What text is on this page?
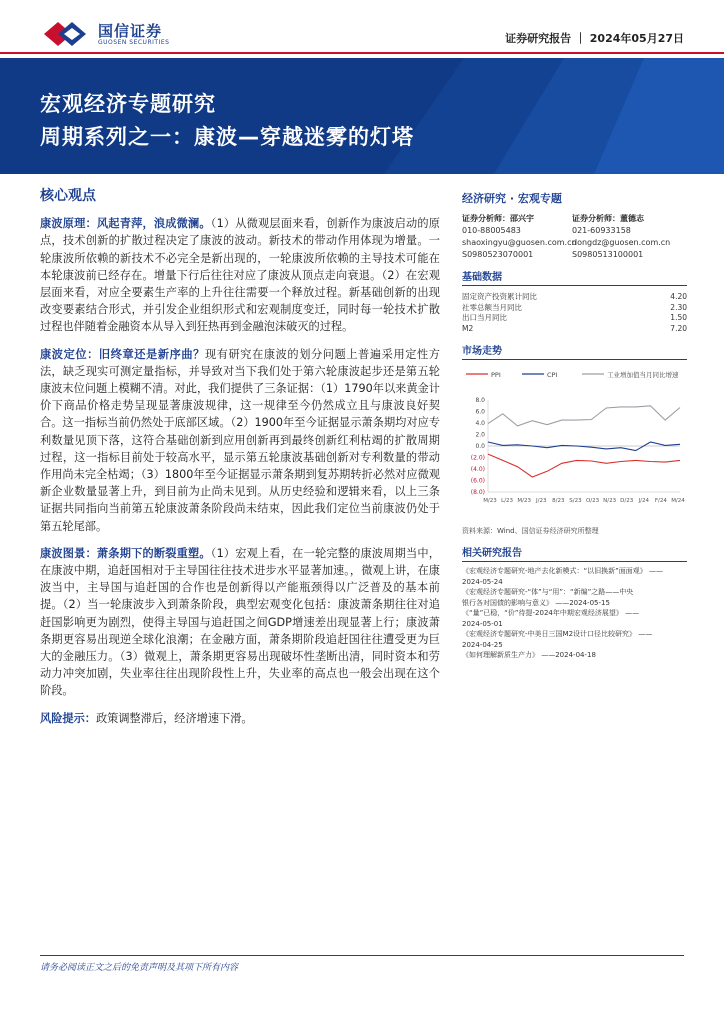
国信证券
GUOSEN SECURITIES	证券研究报告 ｜ 2024年05月27日
宏观经济专题研究
周期系列之一：康波—穿越迷雾的灯塔
核心观点

康波原理：风起青萍，浪成微澜。（1）从微观层面来看，创新作为康波启动的原点，技术创新的扩散过程决定了康波的波动。新技术的带动作用体现为增量。一轮康波所依赖的新技术不必完全是新出现的，一轮康波所依赖的主导技术可能在本轮康波前已经存在。增量下行后往往对应了康波从顶点走向衰退。（2）在宏观层面来看，对应全要素生产率的上升往往需要一个释放过程。新基础创新的出现改变要素结合形式，并引发企业组织形式和宏观制度变迁，同时每一轮技术扩散过程也伴随着金融资本从导入到狂热再到金融泡沫破灭的过程。

康波定位：旧终章还是新序曲？现有研究在康波的划分问题上普遍采用定性方法，缺乏现实可测定量指标，并导致对当下我们处于第六轮康波起步还是第五轮康波末位问题上模糊不清。对此，我们提供了三条证据：（1）1790年以来黄金计价下商品价格走势呈现显著康波规律，这一规律至今仍然成立且与康波良好契合。这一指标当前仍然处于底部区域。（2）1900年至今证据显示萧条期均对应专利数量见顶下落，这符合基础创新到应用创新再到最终创新红利枯竭的扩散周期过程，这一指标目前处于较高水平，显示第五轮康波基础创新对专利数量的带动作用尚未完全枯竭；（3）1800年至今证据显示萧条期到复苏期转折必然对应微观新企业数量显著上升，到目前为止尚未见到。从历史经验和逻辑来看，以上三条证据共同指向当前第五轮康波萧条阶段尚未结束，因此我们定位当前康波仍处于第五轮尾部。

康波图景：萧条期下的断裂重塑。（1）宏观上看，在一轮完整的康波周期当中，在康波中期，追赶国相对于主导国往往技术进步水平显著加速。，微观上讲，在康波当中，主导国与追赶国的合作也是创新得以产能瓶颈得以广泛普及的基本前提。（2）当一轮康波步入到萧条阶段，典型宏观变化包括：康波萧条期往往对追赶国影响更为剧烈，使得主导国与追赶国之间GDP增速差出现显著上行；康波萧条期更容易出现逆全球化浪潮；在金融方面，萧条期阶段追赶国往往遭受更为巨大的金融压力。（3）微观上，萧条期更容易出现破坏性垄断出清，同时资本和劳动力冲突加剧，失业率往往出现阶段性上升，失业率的高点也一般会出现在这个阶段。

风险提示：政策调整滞后，经济增速下滑。

经济研究 · 宏观专题
证券分析师：邵兴宇	证券分析师：董德志
010-88005483	021-60933158
shaoxingyu@guosen.com.cn
dongdz@guosen.com.cn
S0980523070001	S0980513100001
基础数据
固定资产投资累计同比	4.20
社零总额当月同比	2.30
出口当月同比	1.50
M2	7.20
市场走势
PPI	CPI	工业增加值当月同比增速
8.0
6.0
4.0
2.0
0.0
(2.0)
(4.0)
(6.0)
(8.0)
M/23 L/23 M/23 J/23 8/23 S/23 O/23 N/23 D/23 J/24 F/24 M/24
资料来源：Wind、国信证券经济研究所整理
相关研究报告
《宏观经济专题研究-地产去化新模式：“以旧换新”面面观》 ——
2024-05-24
《宏观经济专题研究-“体”与“用”：“新编”之路——中央
银行各对国债的影响与意义》 ——2024-05-15
《“量”已稳，“价”待提-2024年中期宏观经济展望》 ——
2024-05-01
《宏观经济专题研究-中美日三国M2设计口径比较研究》 ——
2024-04-25
《如何理解新质生产力》 ——2024-04-18
请务必阅读正文之后的免责声明及其项下所有内容
